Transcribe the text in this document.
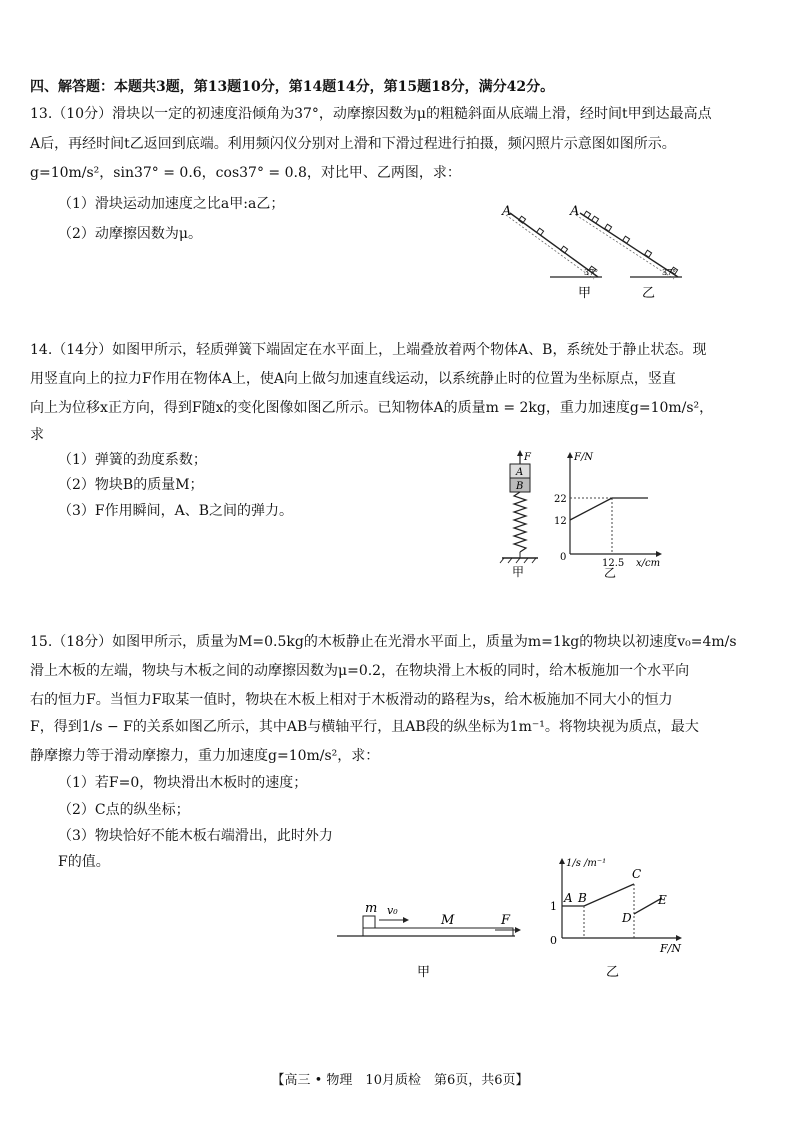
四、解答题：本题共3题，第13题10分，第14题14分，第15题18分，满分42分。
13.（10分）滑块以一定的初速度沿倾角为37°，动摩擦因数为μ的粗糙斜面从底端上滑，经时间t甲到达最高点
A后，再经时间t乙返回到底端。利用频闪仪分别对上滑和下滑过程进行拍摄，频闪照片示意图如图所示。
g=10m/s²，sin37° = 0.6，cos37° = 0.8，对比甲、乙两图，求：
（1）滑块运动加速度之比a甲:a乙；
（2）动摩擦因数为μ。
A
37°
甲
A
37°
乙
14.（14分）如图甲所示，轻质弹簧下端固定在水平面上，上端叠放着两个物体A、B，系统处于静止状态。现
用竖直向上的拉力F作用在物体A上，使A向上做匀加速直线运动，以系统静止时的位置为坐标原点，竖直
向上为位移x正方向，得到F随x的变化图像如图乙所示。已知物体A的质量m = 2kg，重力加速度g=10m/s²，
求
（1）弹簧的劲度系数；
（2）物块B的质量M；
（3）F作用瞬间，A、B之间的弹力。
F
A
B
甲
F/N
x/cm
22
12
0
12.5
乙
15.（18分）如图甲所示，质量为M=0.5kg的木板静止在光滑水平面上，质量为m=1kg的物块以初速度v₀=4m/s
滑上木板的左端，物块与木板之间的动摩擦因数为μ=0.2，在物块滑上木板的同时，给木板施加一个水平向
右的恒力F。当恒力F取某一值时，物块在木板上相对于木板滑动的路程为s，给木板施加不同大小的恒力
F，得到1/s − F的关系如图乙所示，其中AB与横轴平行，且AB段的纵坐标为1m⁻¹。将物块视为质点，最大
静摩擦力等于滑动摩擦力，重力加速度g=10m/s²，求：
（1）若F=0，物块滑出木板时的速度；
（2）C点的纵坐标；
（3）物块恰好不能木板右端滑出，此时外力
F的值。
m v₀
M	F
甲
1/s /m⁻¹
F/N
A B
C
D
E
1
0
乙
【高三 • 物理　10月质检　第6页，共6页】
